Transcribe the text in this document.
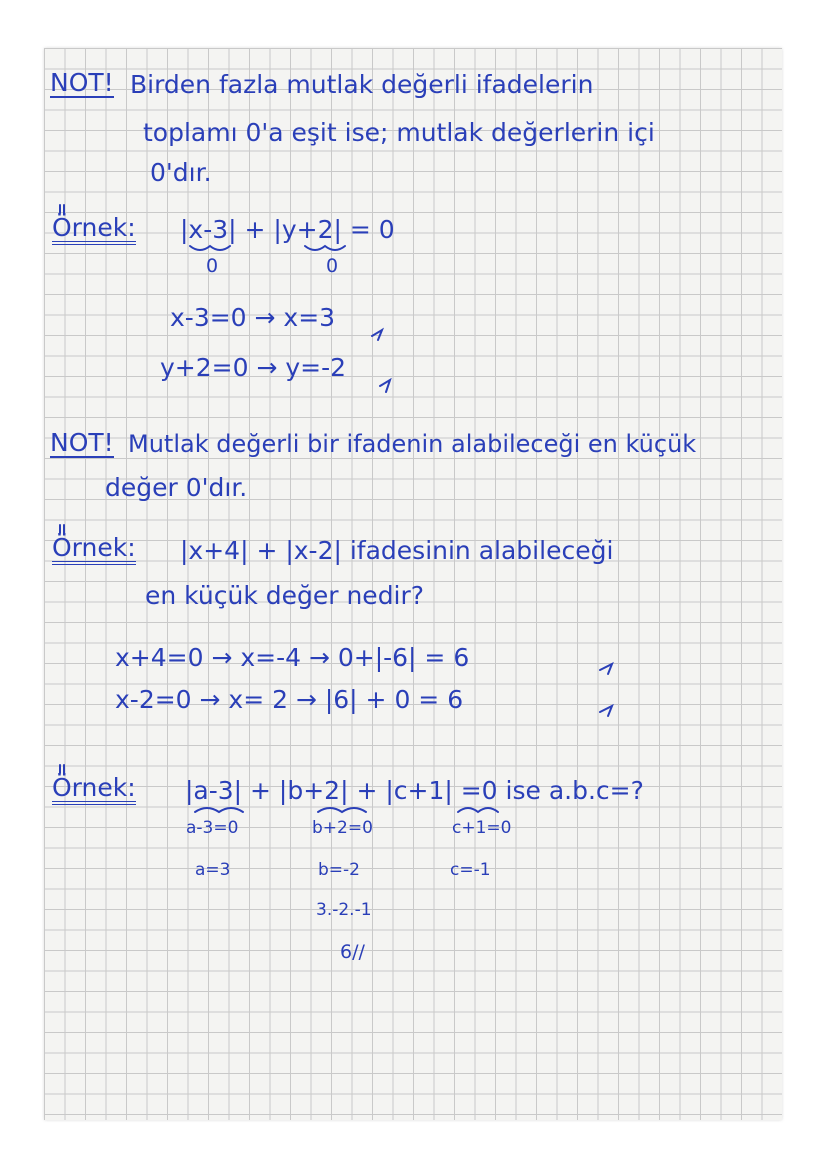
NOT! Birden fazla mutlak değerli ifadelerin
toplamı 0'a eşit ise; mutlak değerlerin içi
0'dır.
Örnek: |x-3| + |y+2| = 0
0	0
x-3=0 → x=3
y+2=0 → y=-2
NOT! Mutlak değerli bir ifadenin alabileceği en küçük
değer 0'dır.
Örnek: |x+4| + |x-2| ifadesinin alabileceği
en küçük değer nedir?
x+4=0 → x=-4 → 0+|-6| = 6
x-2=0 → x= 2 → |6| + 0 = 6
Örnek: |a-3| + |b+2| + |c+1| =0 ise a.b.c=?
a-3=0	b+2=0	c+1=0
a=3	b=-2	c=-1
3.-2.-1
6//
